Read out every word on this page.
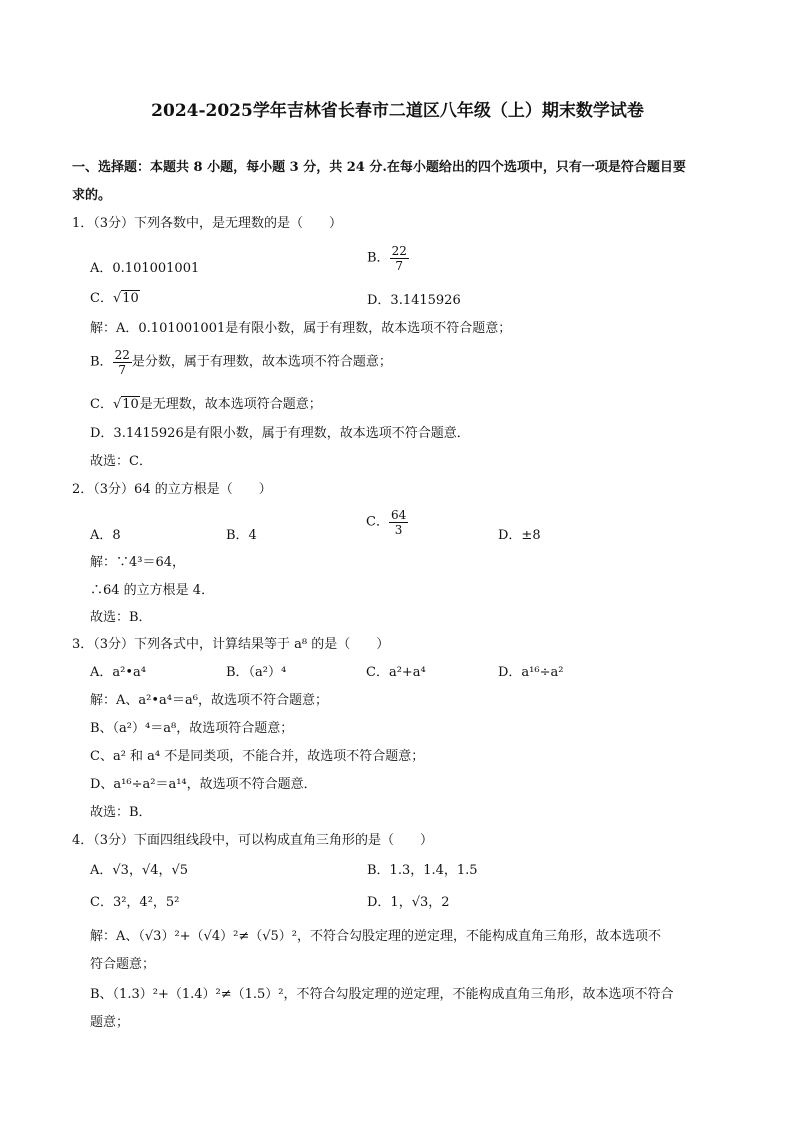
2024-2025学年吉林省长春市二道区八年级（上）期末数学试卷
一、选择题：本题共 8 小题，每小题 3 分，共 24 分.在每小题给出的四个选项中，只有一项是符合题目要
求的。
1．（3分）下列各数中，是无理数的是（　　）
A．0.101001001
B． $\frac{22}{7}$
C．√10	D．3.1415926
解：A．0.101001001是有限小数，属于有理数，故本选项不符合题意；
B． $\frac{22}{7}$ 是分数，属于有理数，故本选项不符合题意；
C．√10是无理数，故本选项符合题意；
D．3.1415926是有限小数，属于有理数，故本选项不符合题意．
故选：C．
2．（3分）64 的立方根是（　　）
A．8	B．4
C． $\frac{64}{3}$	D．±8
解：∵4³＝64，
∴64 的立方根是 4．
故选：B．
3．（3分）下列各式中，计算结果等于 a⁸ 的是（　　）
A．a²•a⁴	B．（a²）⁴	C．a²+a⁴	D．a¹⁶÷a²
解：A、a²•a⁴＝a⁶，故选项不符合题意；
B、（a²）⁴＝a⁸，故选项符合题意；
C、a² 和 a⁴ 不是同类项，不能合并，故选项不符合题意；
D、a¹⁶÷a²＝a¹⁴，故选项不符合题意．
故选：B．
4．（3分）下面四组线段中，可以构成直角三角形的是（　　）
A．√3，√4，√5	B．1.3，1.4，1.5
C．3²，4²，5²	D．1，√3，2
解：A、（√3）²+（√4）²≠（√5）²，不符合勾股定理的逆定理，不能构成直角三角形，故本选项不
符合题意；
B、（1.3）²+（1.4）²≠（1.5）²，不符合勾股定理的逆定理，不能构成直角三角形，故本选项不符合
题意；
